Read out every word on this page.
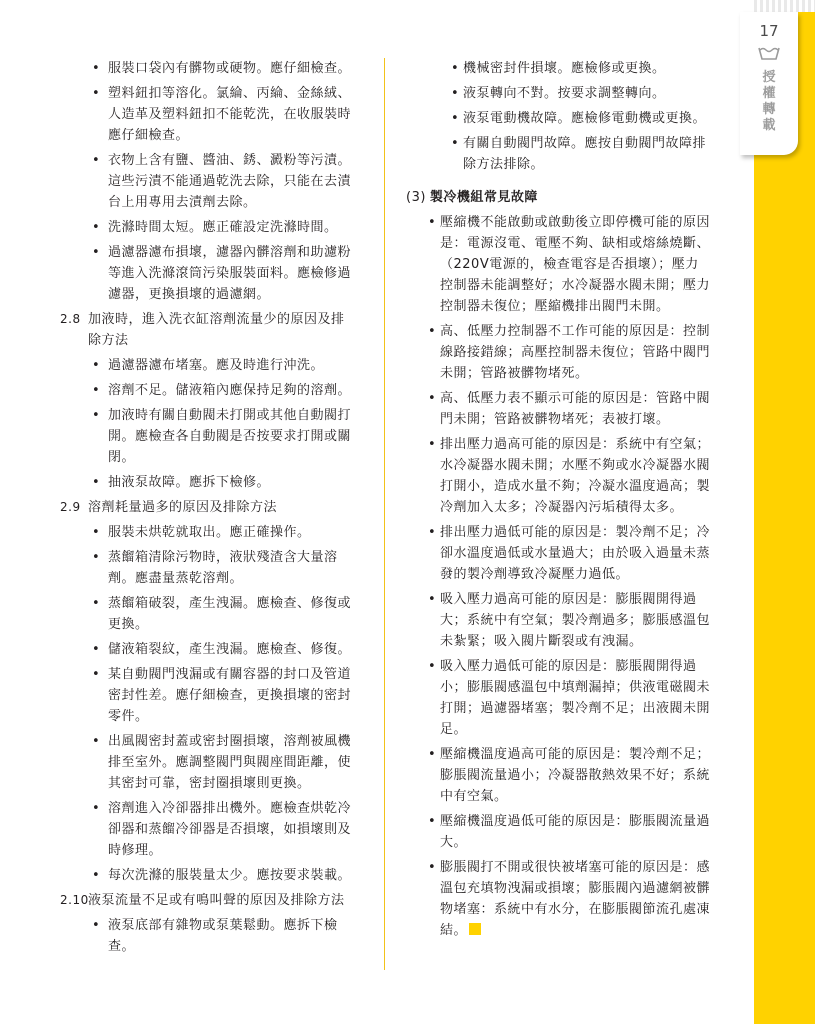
17
授權轉載
• 服裝口袋內有髒物或硬物。應仔細檢查。
• 塑料鈕扣等溶化。氯綸、丙綸、金絲絨、人造革及塑料鈕扣不能乾洗，在收服裝時應仔細檢查。
• 衣物上含有鹽、醬油、銹、澱粉等污漬。這些污漬不能通過乾洗去除，只能在去漬台上用專用去漬劑去除。
• 洗滌時間太短。應正確設定洗滌時間。
• 過濾器濾布損壞，濾器內髒溶劑和助濾粉等進入洗滌滾筒污染服裝面料。應檢修過濾器，更換損壞的過濾網。
2.8 加液時，進入洗衣缸溶劑流量少的原因及排除方法
• 過濾器濾布堵塞。應及時進行沖洗。
• 溶劑不足。儲液箱內應保持足夠的溶劑。
• 加液時有關自動閥未打開或其他自動閥打開。應檢查各自動閥是否按要求打開或關閉。
• 抽液泵故障。應拆下檢修。
2.9 溶劑耗量過多的原因及排除方法
• 服裝未烘乾就取出。應正確操作。
• 蒸餾箱清除污物時，液狀殘渣含大量溶劑。應盡量蒸乾溶劑。
• 蒸餾箱破裂，產生洩漏。應檢查、修復或更換。
• 儲液箱裂紋，產生洩漏。應檢查、修復。
• 某自動閥門洩漏或有關容器的封口及管道密封性差。應仔細檢查，更換損壞的密封零件。
• 出風閥密封蓋或密封圈損壞，溶劑被風機排至室外。應調整閥門與閥座間距離，使其密封可靠，密封圈損壞則更換。
• 溶劑進入冷卻器排出機外。應檢查烘乾冷卻器和蒸餾冷卻器是否損壞，如損壞則及時修理。
• 每次洗滌的服裝量太少。應按要求裝載。
2.10 液泵流量不足或有鳴叫聲的原因及排除方法
• 液泵底部有雜物或泵葉鬆動。應拆下檢查。
• 機械密封件損壞。應檢修或更換。
• 液泵轉向不對。按要求調整轉向。
• 液泵電動機故障。應檢修電動機或更換。
• 有關自動閥門故障。應按自動閥門故障排除方法排除。
(3) 製冷機組常見故障
• 壓縮機不能啟動或啟動後立即停機可能的原因是：電源沒電、電壓不夠、缺相或熔絲燒斷、（220V電源的，檢查電容是否損壞）；壓力控制器未能調整好；水冷凝器水閥未開；壓力控制器未復位；壓縮機排出閥門未開。
• 高、低壓力控制器不工作可能的原因是：控制線路接錯線；高壓控制器未復位；管路中閥門未開；管路被髒物堵死。
• 高、低壓力表不顯示可能的原因是：管路中閥門未開；管路被髒物堵死；表被打壞。
• 排出壓力過高可能的原因是：系統中有空氣；水冷凝器水閥未開；水壓不夠或水冷凝器水閥打開小，造成水量不夠；冷凝水溫度過高；製冷劑加入太多；冷凝器內污垢積得太多。
• 排出壓力過低可能的原因是：製冷劑不足；冷卻水溫度過低或水量過大；由於吸入過量未蒸發的製冷劑導致冷凝壓力過低。
• 吸入壓力過高可能的原因是：膨脹閥開得過大；系統中有空氣；製冷劑過多；膨脹感溫包未紮緊；吸入閥片斷裂或有洩漏。
• 吸入壓力過低可能的原因是：膨脹閥開得過小；膨脹閥感溫包中填劑漏掉；供液電磁閥未打開；過濾器堵塞；製冷劑不足；出液閥未開足。
• 壓縮機溫度過高可能的原因是：製冷劑不足；膨脹閥流量過小；冷凝器散熱效果不好；系統中有空氣。
• 壓縮機溫度過低可能的原因是：膨脹閥流量過大。
• 膨脹閥打不開或很快被堵塞可能的原因是：感溫包充填物洩漏或損壞；膨脹閥內過濾網被髒物堵塞：系統中有水分，在膨脹閥節流孔處凍結。
